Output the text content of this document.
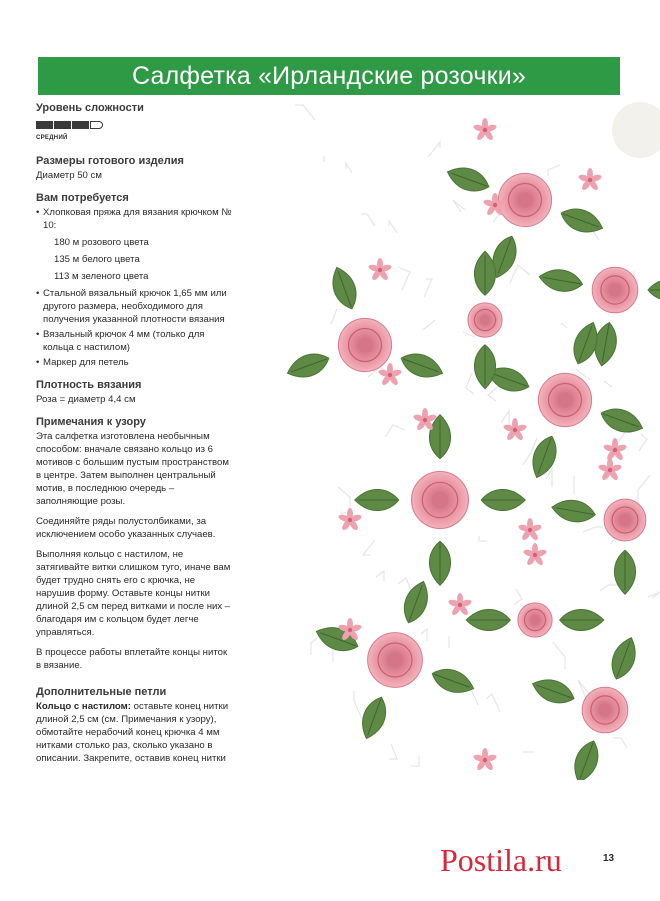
Салфетка «Ирландские розочки»
Уровень сложности
СРЕДНИЙ
Размеры готового изделия

Диаметр 50 см

Вам потребуется
• Хлопковая пряжа для вязания крючком № 10:
180 м розового цвета
135 м белого цвета
113 м зеленого цвета
• Стальной вязальный крючок 1,65 мм или другого размера, необходимого для получения указанной плотности вязания
• Вязальный крючок 4 мм (только для кольца с настилом)
• Маркер для петель
Плотность вязания

Роза = диаметр 4,4 см

Примечания к узору

Эта салфетка изготовлена необычным способом: вначале связано кольцо из 6 мотивов с большим пустым пространством в центре. Затем выполнен центральный мотив, в последнюю очередь – заполняющие розы.

Соединяйте ряды полустолбиками, за исключением особо указанных случаев.

Выполняя кольцо с настилом, не затягивайте витки слишком туго, иначе вам будет трудно снять его с крючка, не нарушив форму. Оставьте концы нитки длиной 2,5 см перед витками и после них – благодаря им с кольцом будет легче управляться.

В процессе работы вплетайте концы ниток в вязание.

Дополнительные петли

Кольцо с настилом: оставьте конец нитки длиной 2,5 см (см. Примечания к узору), обмотайте нерабочий конец крючка 4 мм нитками столько раз, сколько указано в описании. Закрепите, оставив конец нитки

Postila.ru	13
